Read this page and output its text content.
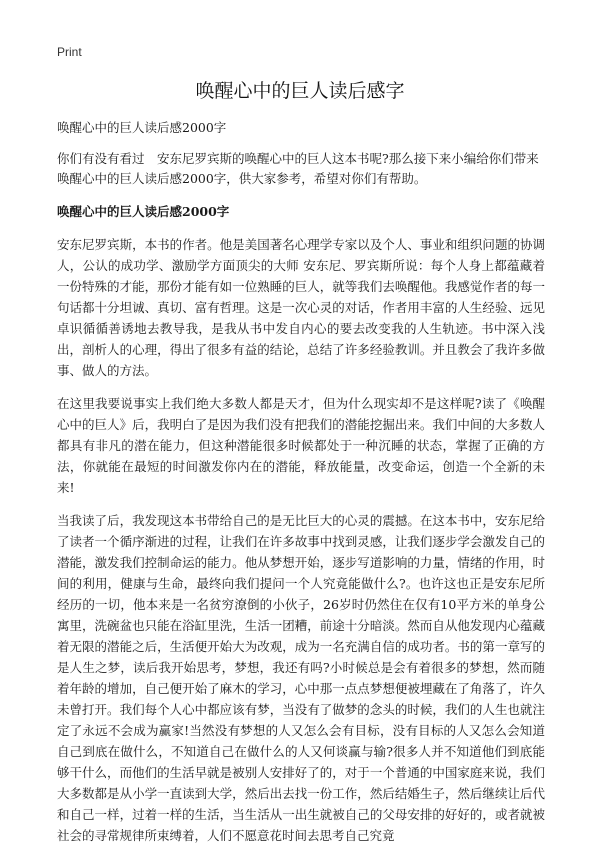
Print
唤醒心中的巨人读后感字

唤醒心中的巨人读后感2000字

你们有没有看过　安东尼罗宾斯的唤醒心中的巨人这本书呢?那么接下来小编给你们带来唤醒心中的巨人读后感2000字，供大家参考，希望对你们有帮助。

唤醒心中的巨人读后感2000字

安东尼罗宾斯，本书的作者。他是美国著名心理学专家以及个人、事业和组织问题的协调人，公认的成功学、激励学方面顶尖的大师 安东尼、罗宾斯所说：每个人身上都蕴藏着一份特殊的才能，那份才能有如一位熟睡的巨人，就等我们去唤醒他。我感觉作者的每一句话都十分坦诚、真切、富有哲理。这是一次心灵的对话，作者用丰富的人生经验、远见卓识循循善诱地去教导我，是我从书中发自内心的要去改变我的人生轨迹。书中深入浅出，剖析人的心理，得出了很多有益的结论，总结了许多经验教训。并且教会了我许多做事、做人的方法。

在这里我要说事实上我们绝大多数人都是天才，但为什么现实却不是这样呢?读了《唤醒心中的巨人》后，我明白了是因为我们没有把我们的潜能挖掘出来。我们中间的大多数人都具有非凡的潜在能力，但这种潜能很多时候都处于一种沉睡的状态，掌握了正确的方法，你就能在最短的时间激发你内在的潜能，释放能量，改变命运，创造一个全新的未来!

当我读了后，我发现这本书带给自己的是无比巨大的心灵的震撼。在这本书中，安东尼给了读者一个循序渐进的过程，让我们在许多故事中找到灵感，让我们逐步学会激发自己的潜能，激发我们控制命运的能力。他从梦想开始，逐步写道影响的力量，情绪的作用，时间的利用，健康与生命，最终向我们提问一个人究竟能做什么?。也许这也正是安东尼所经历的一切，他本来是一名贫穷潦倒的小伙子，26岁时仍然住在仅有10平方米的单身公寓里，洗碗盆也只能在浴缸里洗，生活一团糟，前途十分暗淡。然而自从他发现内心蕴藏着无限的潜能之后，生活便开始大为改观，成为一名充满自信的成功者。书的第一章写的是人生之梦，读后我开始思考，梦想，我还有吗?小时候总是会有着很多的梦想，然而随着年龄的增加，自己便开始了麻木的学习，心中那一点点梦想便被埋藏在了角落了，许久未曾打开。我们每个人心中都应该有梦，当没有了做梦的念头的时候，我们的人生也就注定了永远不会成为赢家!当然没有梦想的人又怎么会有目标，没有目标的人又怎么会知道自己到底在做什么，不知道自己在做什么的人又何谈赢与输?很多人并不知道他们到底能够干什么，而他们的生活早就是被别人安排好了的，对于一个普通的中国家庭来说，我们大多数都是从小学一直读到大学，然后出去找一份工作，然后结婚生子，然后继续让后代和自己一样，过着一样的生活，当生活从一出生就被自己的父母安排的好好的，或者就被社会的寻常规律所束缚着，人们不愿意花时间去思考自己究竟
